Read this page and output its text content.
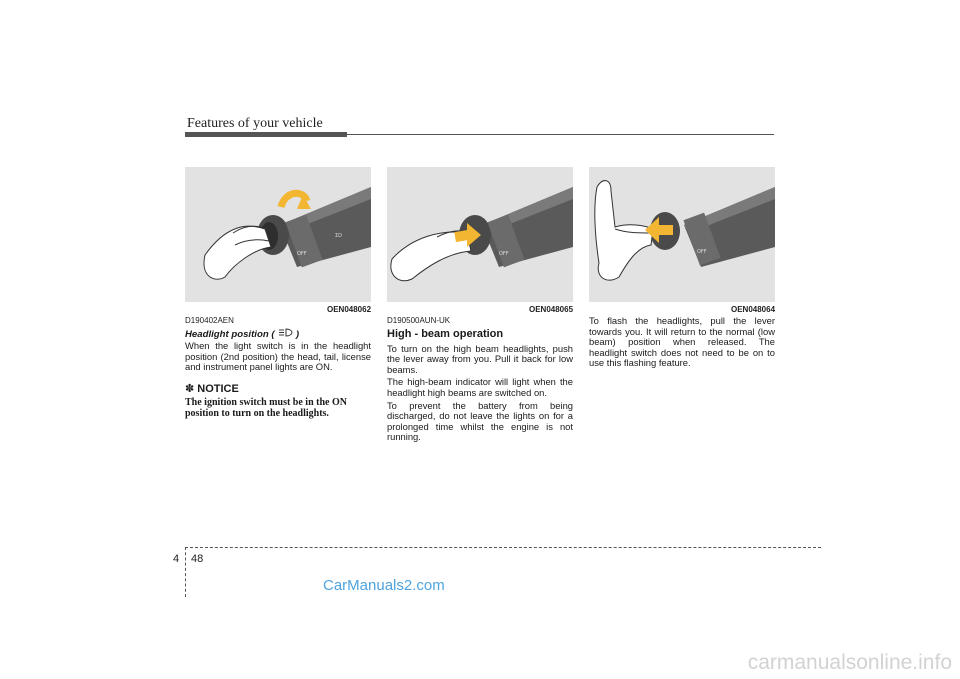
Features of your vehicle
ΣD
OFF
OEN048062
OFF
OEN048065
OFF
OEN048064
D190402AEN
Headlight position ( )

When the light switch is in the headlight position (2nd position) the head, tail, license and instrument panel lights are ON.

✽ NOTICE
The ignition switch must be in the ON position to turn on the headlights.
D190500AUN-UK
High - beam operation

To turn on the high beam headlights, push the lever away from you. Pull it back for low beams.

The high-beam indicator will light when the headlight high beams are switched on.

To prevent the battery from being discharged, do not leave the lights on for a prolonged time whilst the engine is not running.

To flash the headlights, pull the lever towards you. It will return to the normal (low beam) position when released. The headlight switch does not need to be on to use this flashing feature.

4 48
CarManuals2.com
carmanualsonline.info
